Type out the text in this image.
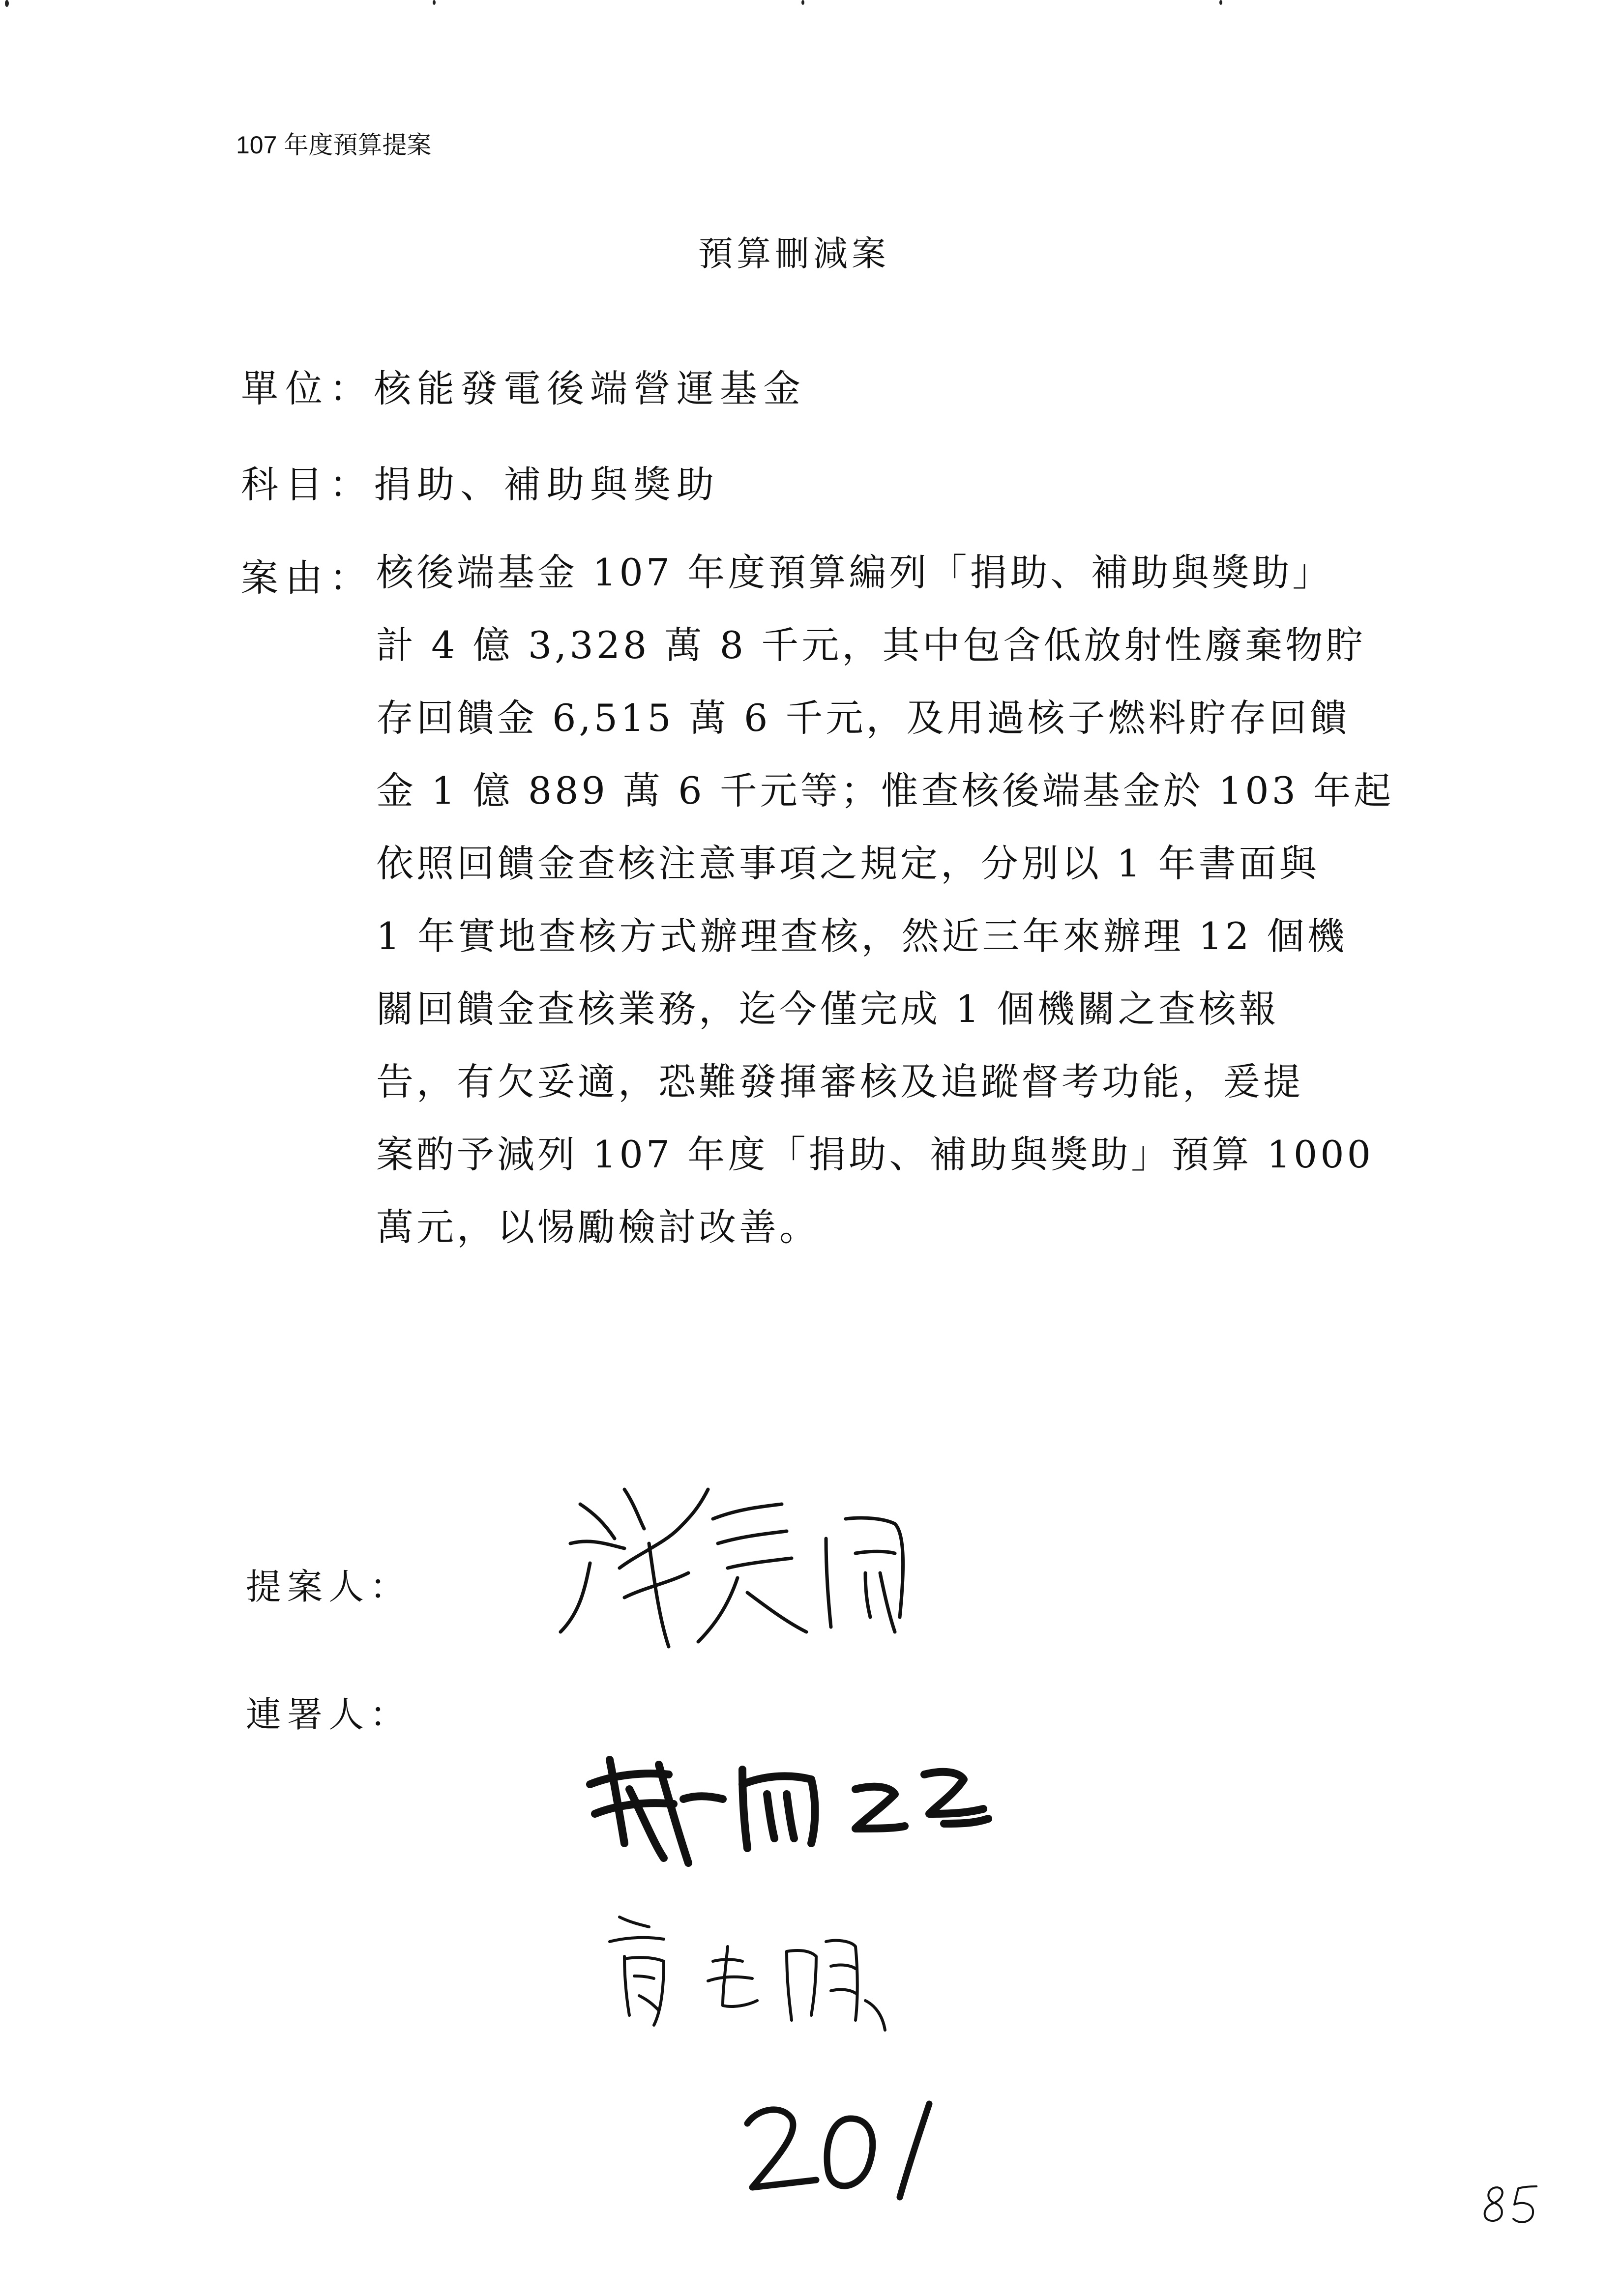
107 年度預算提案
預算刪減案
單位：核能發電後端營運基金
科目：捐助、補助與獎助
案由： 核後端基金 107 年度預算編列「捐助、補助與獎助」
計 4 億 3,328 萬 8 千元，其中包含低放射性廢棄物貯
存回饋金 6,515 萬 6 千元，及用過核子燃料貯存回饋
金 1 億 889 萬 6 千元等；惟查核後端基金於 103 年起
依照回饋金查核注意事項之規定，分別以 1 年書面與
1 年實地查核方式辦理查核，然近三年來辦理 12 個機
關回饋金查核業務，迄今僅完成 1 個機關之查核報
告，有欠妥適，恐難發揮審核及追蹤督考功能，爰提
案酌予減列 107 年度「捐助、補助與獎助」預算 1000
萬元，以惕勵檢討改善。
提案人：
連署人：
